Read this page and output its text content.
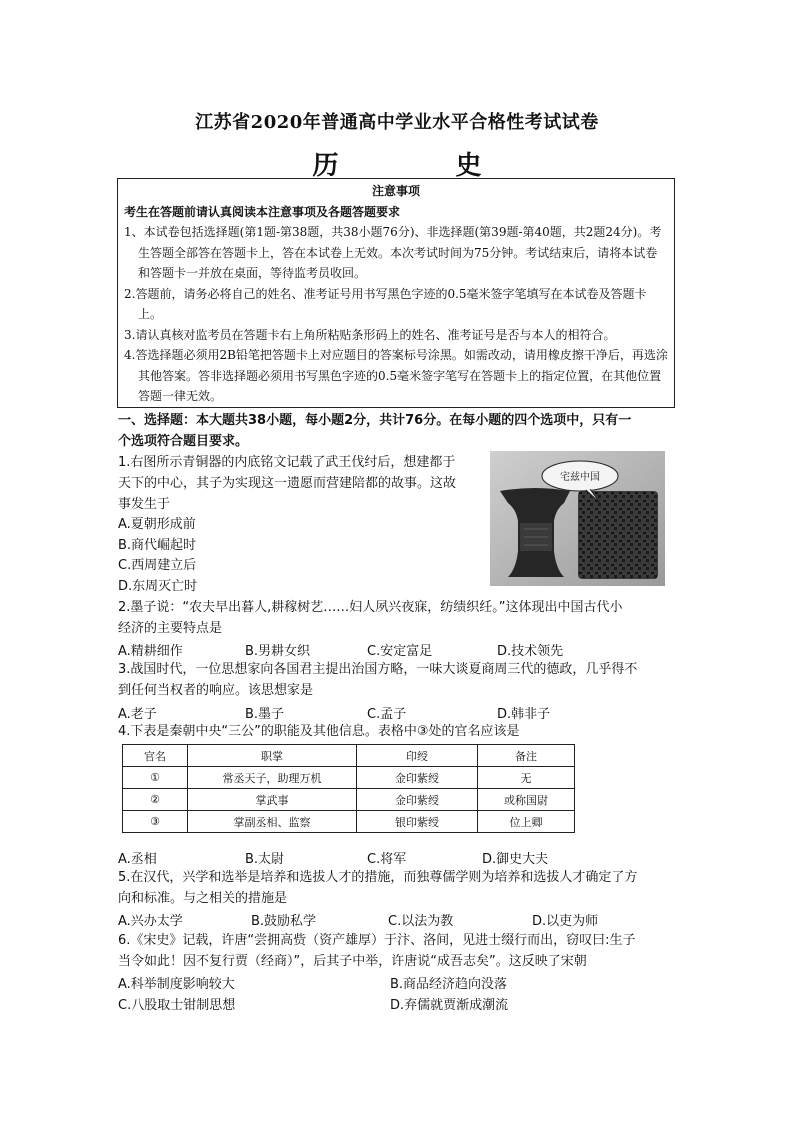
江苏省2020年普通高中学业水平合格性考试试卷
历 史
注意事项
考生在答题前请认真阅读本注意事项及各题答题要求
1、本试卷包括选择题(第1题-第38题，共38小题76分)、非选择题(第39题-第40题，共2题24分)。考生答题全部答在答题卡上，答在本试卷上无效。本次考试时间为75分钟。考试结束后，请将本试卷和答题卡一并放在桌面，等待监考员收回。
2.答题前，请务必将自己的姓名、准考证号用书写黑色字迹的0.5毫米签字笔填写在本试卷及答题卡上。
3.请认真核对监考员在答题卡右上角所粘贴条形码上的姓名、准考证号是否与本人的相符合。
4.答选择题必须用2B铅笔把答题卡上对应题目的答案标号涂黑。如需改动，请用橡皮擦干净后，再选涂其他答案。答非选择题必须用书写黑色字迹的0.5毫米签字笔写在答题卡上的指定位置，在其他位置答题一律无效。
一、选择题：本大题共38小题，每小题2分，共计76分。在每小题的四个选项中，只有一
个选项符合题目要求。
1.右图所示青铜器的内底铭文记载了武王伐纣后，想建都于
天下的中心，其子为实现这一遗愿而营建陪都的故事。这故
事发生于
A.夏朝形成前
B.商代崛起时
C.西周建立后
D.东周灭亡时
宅兹中国
2.墨子说：“农夫早出暮人,耕稼树艺……妇人夙兴夜寐，纺绩织纴。”这体现出中国古代小
经济的主要特点是
A.精耕细作	B.男耕女织	C.安定富足	D.技术领先
3.战国时代，一位思想家向各国君主提出治国方略，一味大谈夏商周三代的德政，几乎得不
到任何当权者的响应。该思想家是
A.老子	B.墨子	C.孟子	D.韩非子
4.下表是秦朝中央“三公”的职能及其他信息。表格中③处的官名应该是
官名	职掌	印绶	备注
①	常丞天子，助理万机	金印紫绶	无
②	掌武事	金印紫绶	或称国尉
③	掌副丞相、监察	银印紫绶	位上卿
A.丞相	B.太尉	C.将军	D.御史大夫
5.在汉代，兴学和选举是培养和选拔人才的措施，而独尊儒学则为培养和选拔人才确定了方
向和标准。与之相关的措施是
A.兴办太学	B.鼓励私学	C.以法为教	D.以吏为师
6.《宋史》记载，许唐“尝拥高赀（资产雄厚）于汴、洛间，见进士缀行而出，窃叹曰:生子
当令如此！因不复行贾（经商）”，后其子中举，许唐说“成吾志矣”。这反映了宋朝
A.科举制度影响较大	B.商品经济趋向没落
C.八股取士钳制思想	D.弃儒就贾渐成潮流
